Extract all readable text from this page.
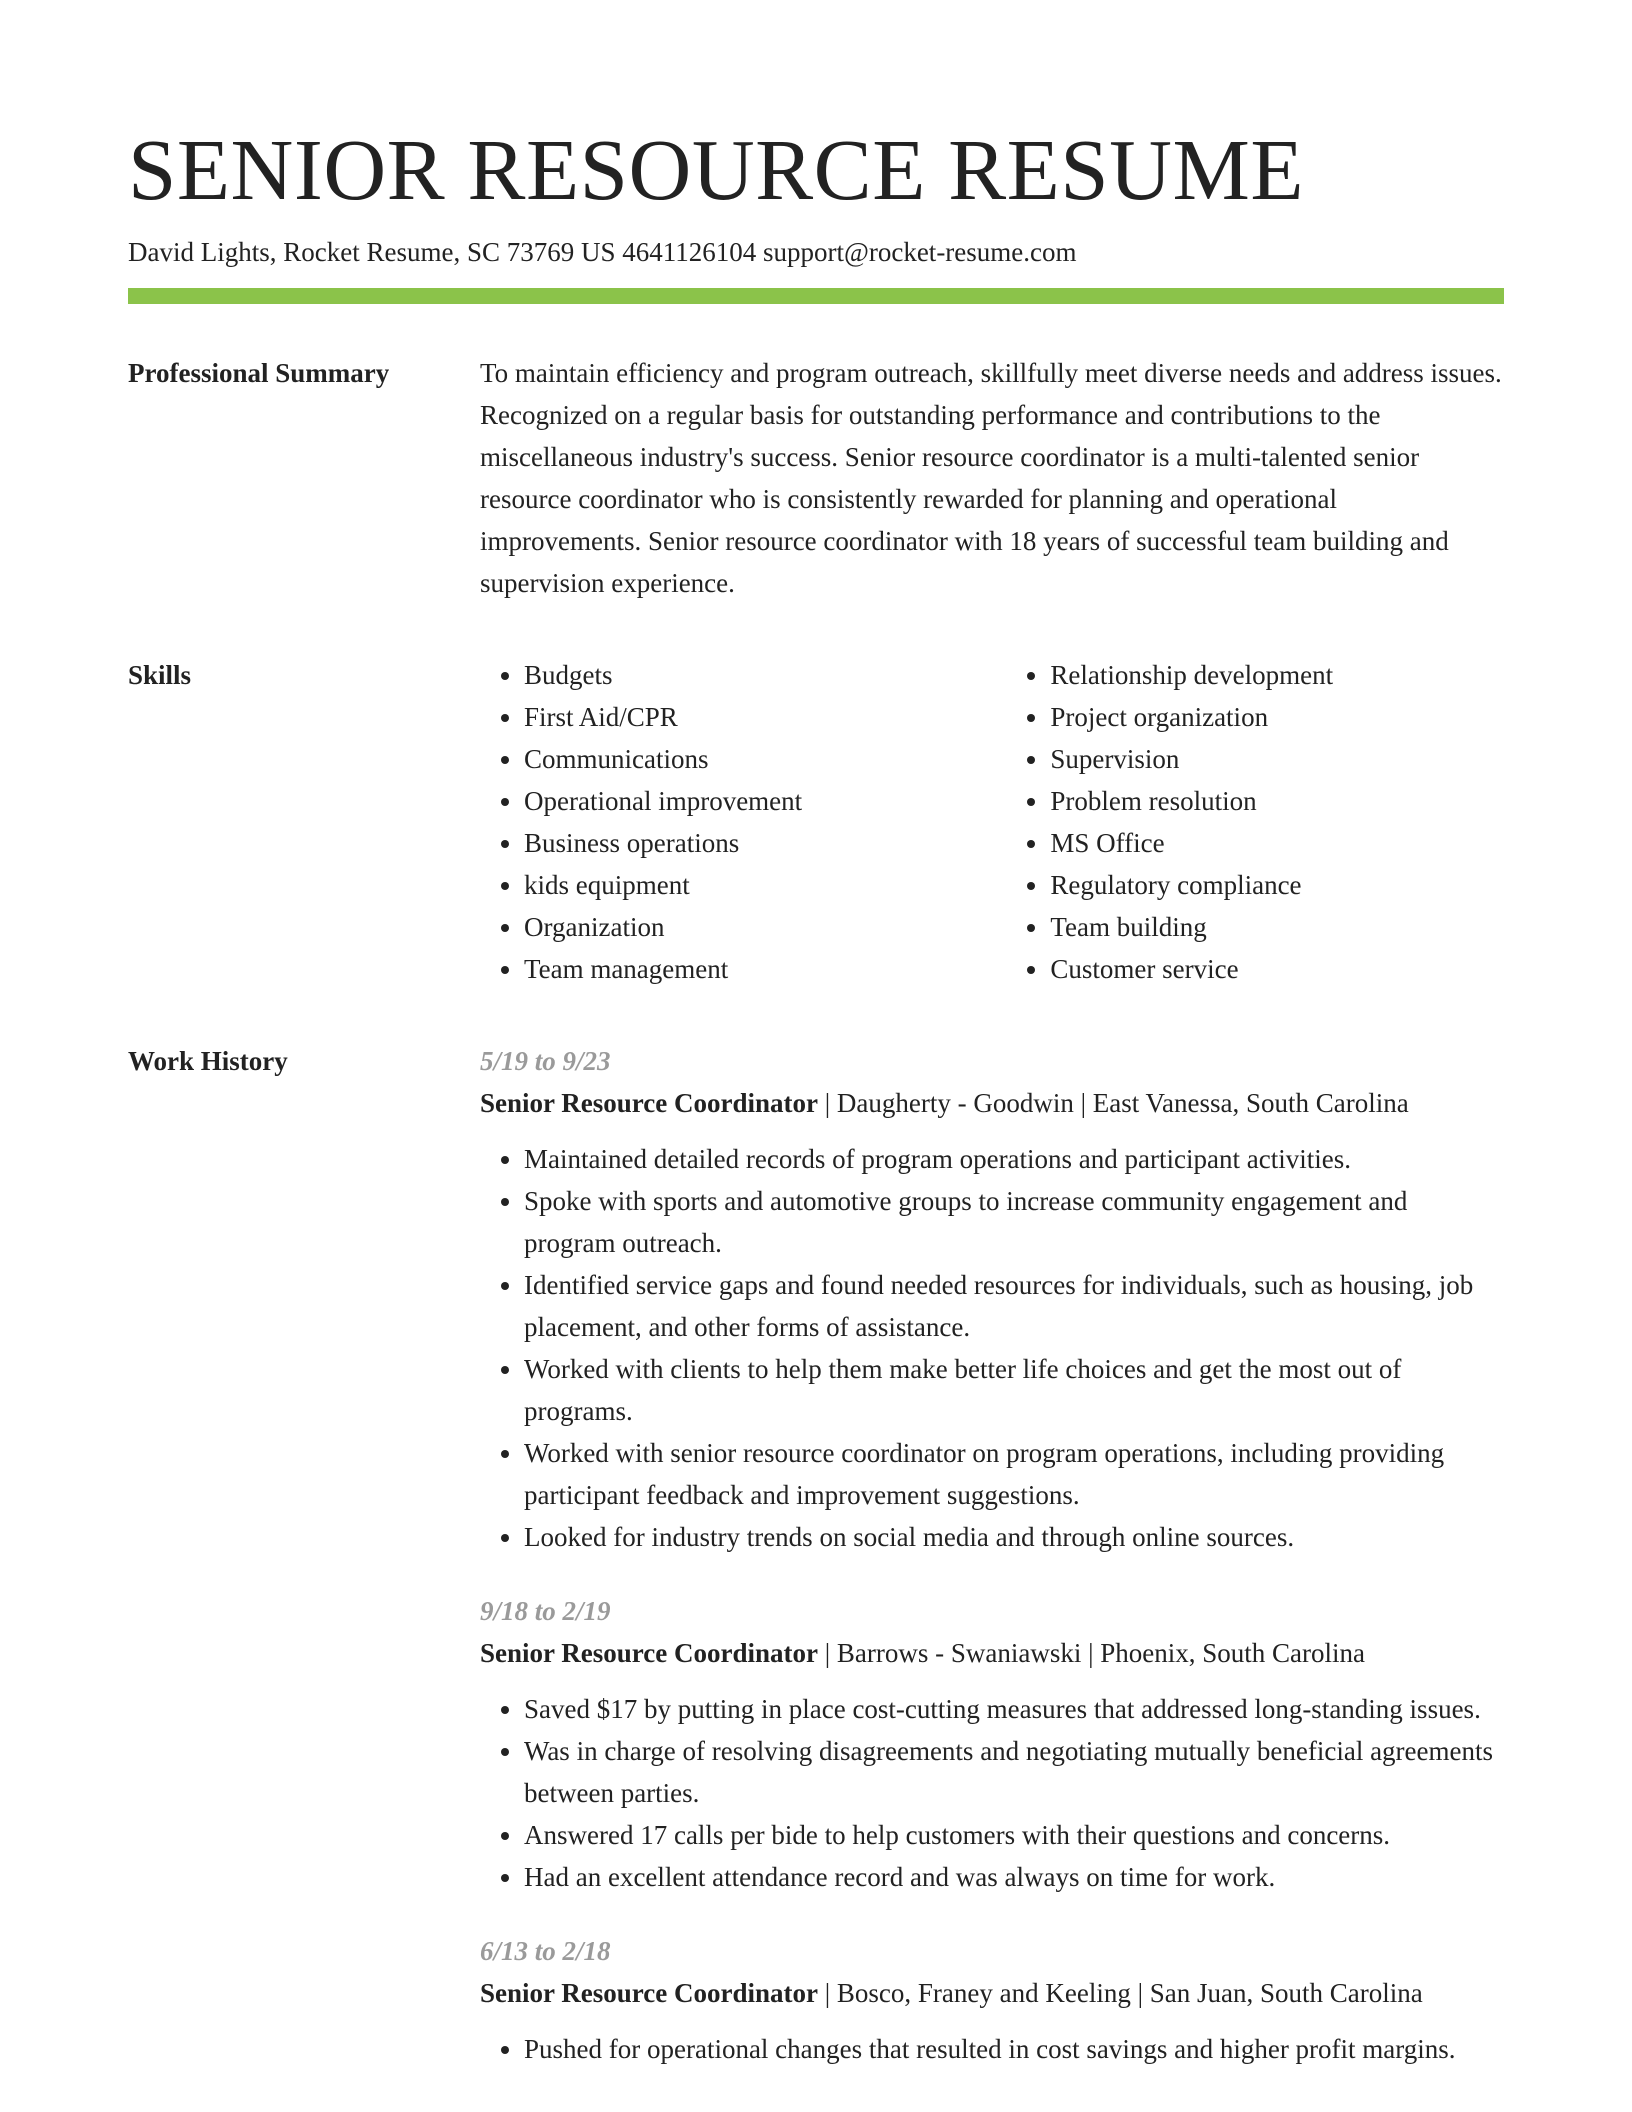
SENIOR RESOURCE RESUME
David Lights, Rocket Resume, SC 73769 US 4641126104 support@rocket-resume.com
Professional Summary	To maintain efficiency and program outreach, skillfully meet diverse needs and address issues. Recognized on a regular basis for outstanding performance and contributions to the miscellaneous industry's success. Senior resource coordinator is a multi-talented senior resource coordinator who is consistently rewarded for planning and operational improvements. Senior resource coordinator with 18 years of successful team building and supervision experience.

Skills
•	Budgets
• First Aid/CPR
• Communications
• Operational improvement
• Business operations
• kids equipment
• Organization
• Team management
• Relationship development
• Project organization
• Supervision
• Problem resolution
• MS Office
• Regulatory compliance
• Team building
• Customer service
Work History	5/19 to 9/23
Senior Resource Coordinator | Daugherty - Goodwin | East Vanessa, South Carolina
• Maintained detailed records of program operations and participant activities.
• Spoke with sports and automotive groups to increase community engagement and program outreach.
• Identified service gaps and found needed resources for individuals, such as housing, job placement, and other forms of assistance.
• Worked with clients to help them make better life choices and get the most out of programs.
• Worked with senior resource coordinator on program operations, including providing participant feedback and improvement suggestions.
• Looked for industry trends on social media and through online sources.
9/18 to 2/19
Senior Resource Coordinator | Barrows - Swaniawski | Phoenix, South Carolina
• Saved $17 by putting in place cost-cutting measures that addressed long-standing issues.
• Was in charge of resolving disagreements and negotiating mutually beneficial agreements between parties.
• Answered 17 calls per bide to help customers with their questions and concerns.
• Had an excellent attendance record and was always on time for work.
6/13 to 2/18
Senior Resource Coordinator | Bosco, Franey and Keeling | San Juan, South Carolina
• Pushed for operational changes that resulted in cost savings and higher profit margins.
